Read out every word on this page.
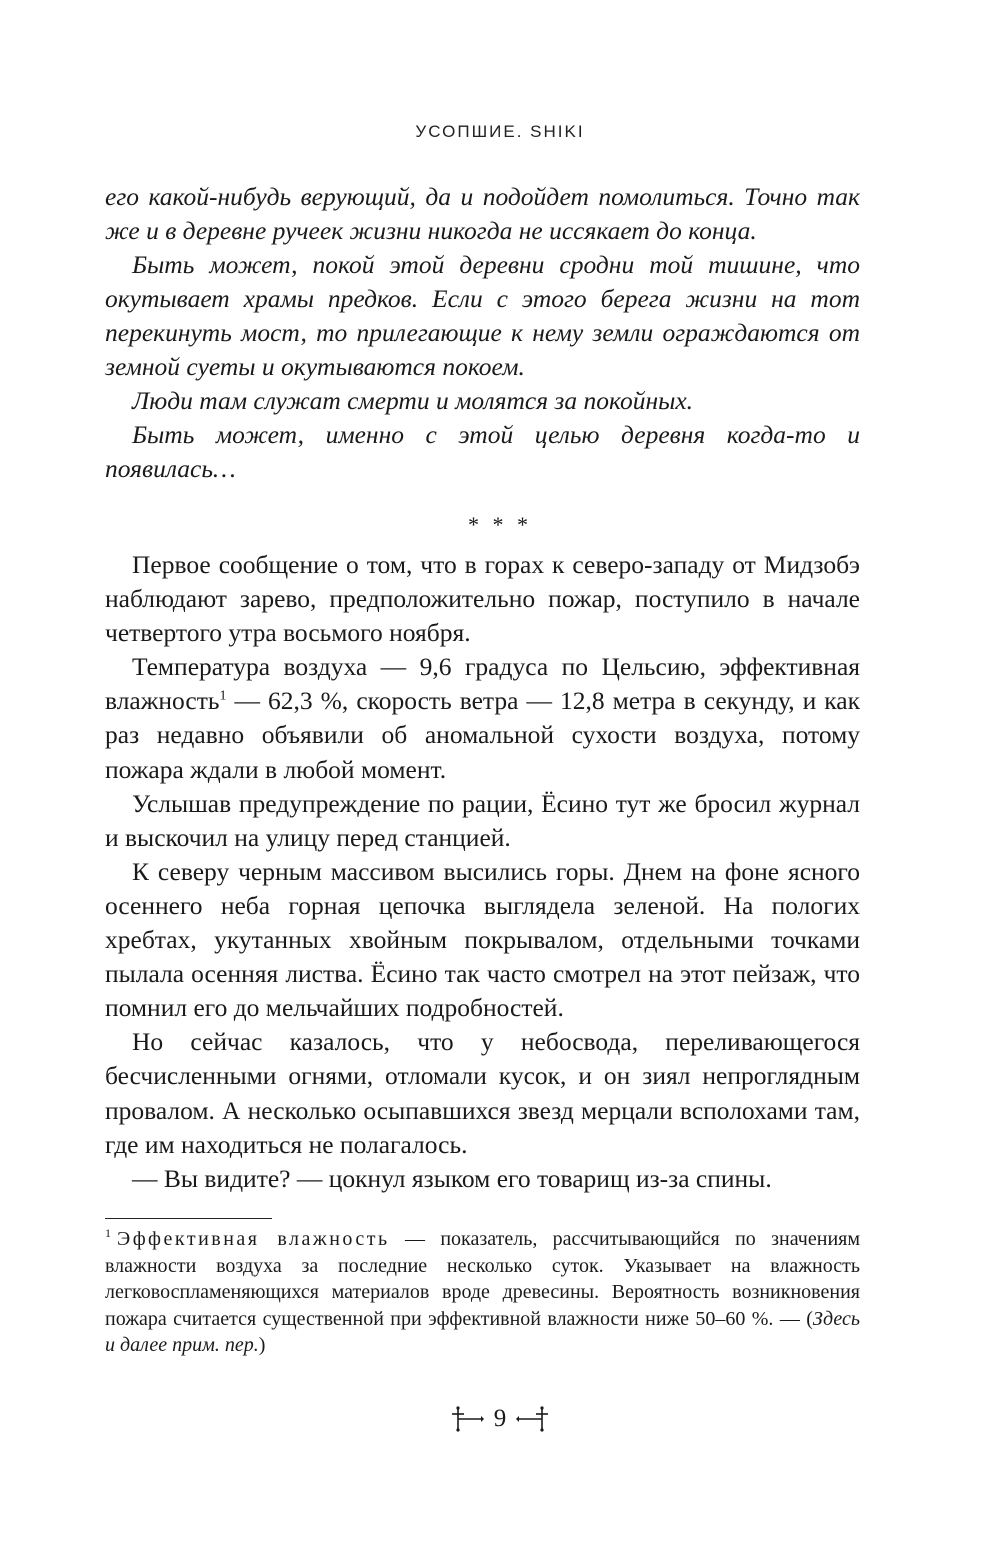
УСОПШИЕ. SHIKI

его какой-нибудь верующий, да и подойдет помолиться. Точно так же и в деревне ручеек жизни никогда не иссякает до конца.

Быть может, покой этой деревни сродни той тишине, что окутывает храмы предков. Если с этого берега жизни на тот перекинуть мост, то прилегающие к нему земли ограждаются от земной суеты и окутываются покоем.

Люди там служат смерти и молятся за покойных.

Быть может, именно с этой целью деревня когда-то и появилась…

* * *

Первое сообщение о том, что в горах к северо-западу от Мидзобэ наблюдают зарево, предположительно пожар, поступило в начале четвертого утра восьмого ноября.

Температура воздуха — 9,6 градуса по Цельсию, эффективная влажность$^1$ — 62,3 %, скорость ветра — 12,8 метра в секунду, и как раз недавно объявили об аномальной сухости воздуха, потому пожара ждали в любой момент.

Услышав предупреждение по рации, Ёсино тут же бросил журнал и выскочил на улицу перед станцией.

К северу черным массивом высились горы. Днем на фоне ясного осеннего неба горная цепочка выглядела зеленой. На пологих хребтах, укутанных хвойным покрывалом, отдельными точками пылала осенняя листва. Ёсино так часто смотрел на этот пейзаж, что помнил его до мельчайших подробностей.

Но сейчас казалось, что у небосвода, переливающегося бесчисленными огнями, отломали кусок, и он зиял непроглядным провалом. А несколько осыпавшихся звезд мерцали всполохами там, где им находиться не полагалось.

— Вы видите? — цокнул языком его товарищ из-за спины.

$^1$ Эффективная влажность — показатель, рассчитывающийся по значениям влажности воздуха за последние несколько суток. Указывает на влажность легковоспламеняющихся материалов вроде древесины. Вероятность возникновения пожара считается существенной при эффективной влажности ниже 50–60 %. — (Здесь и далее прим. пер.)
9
